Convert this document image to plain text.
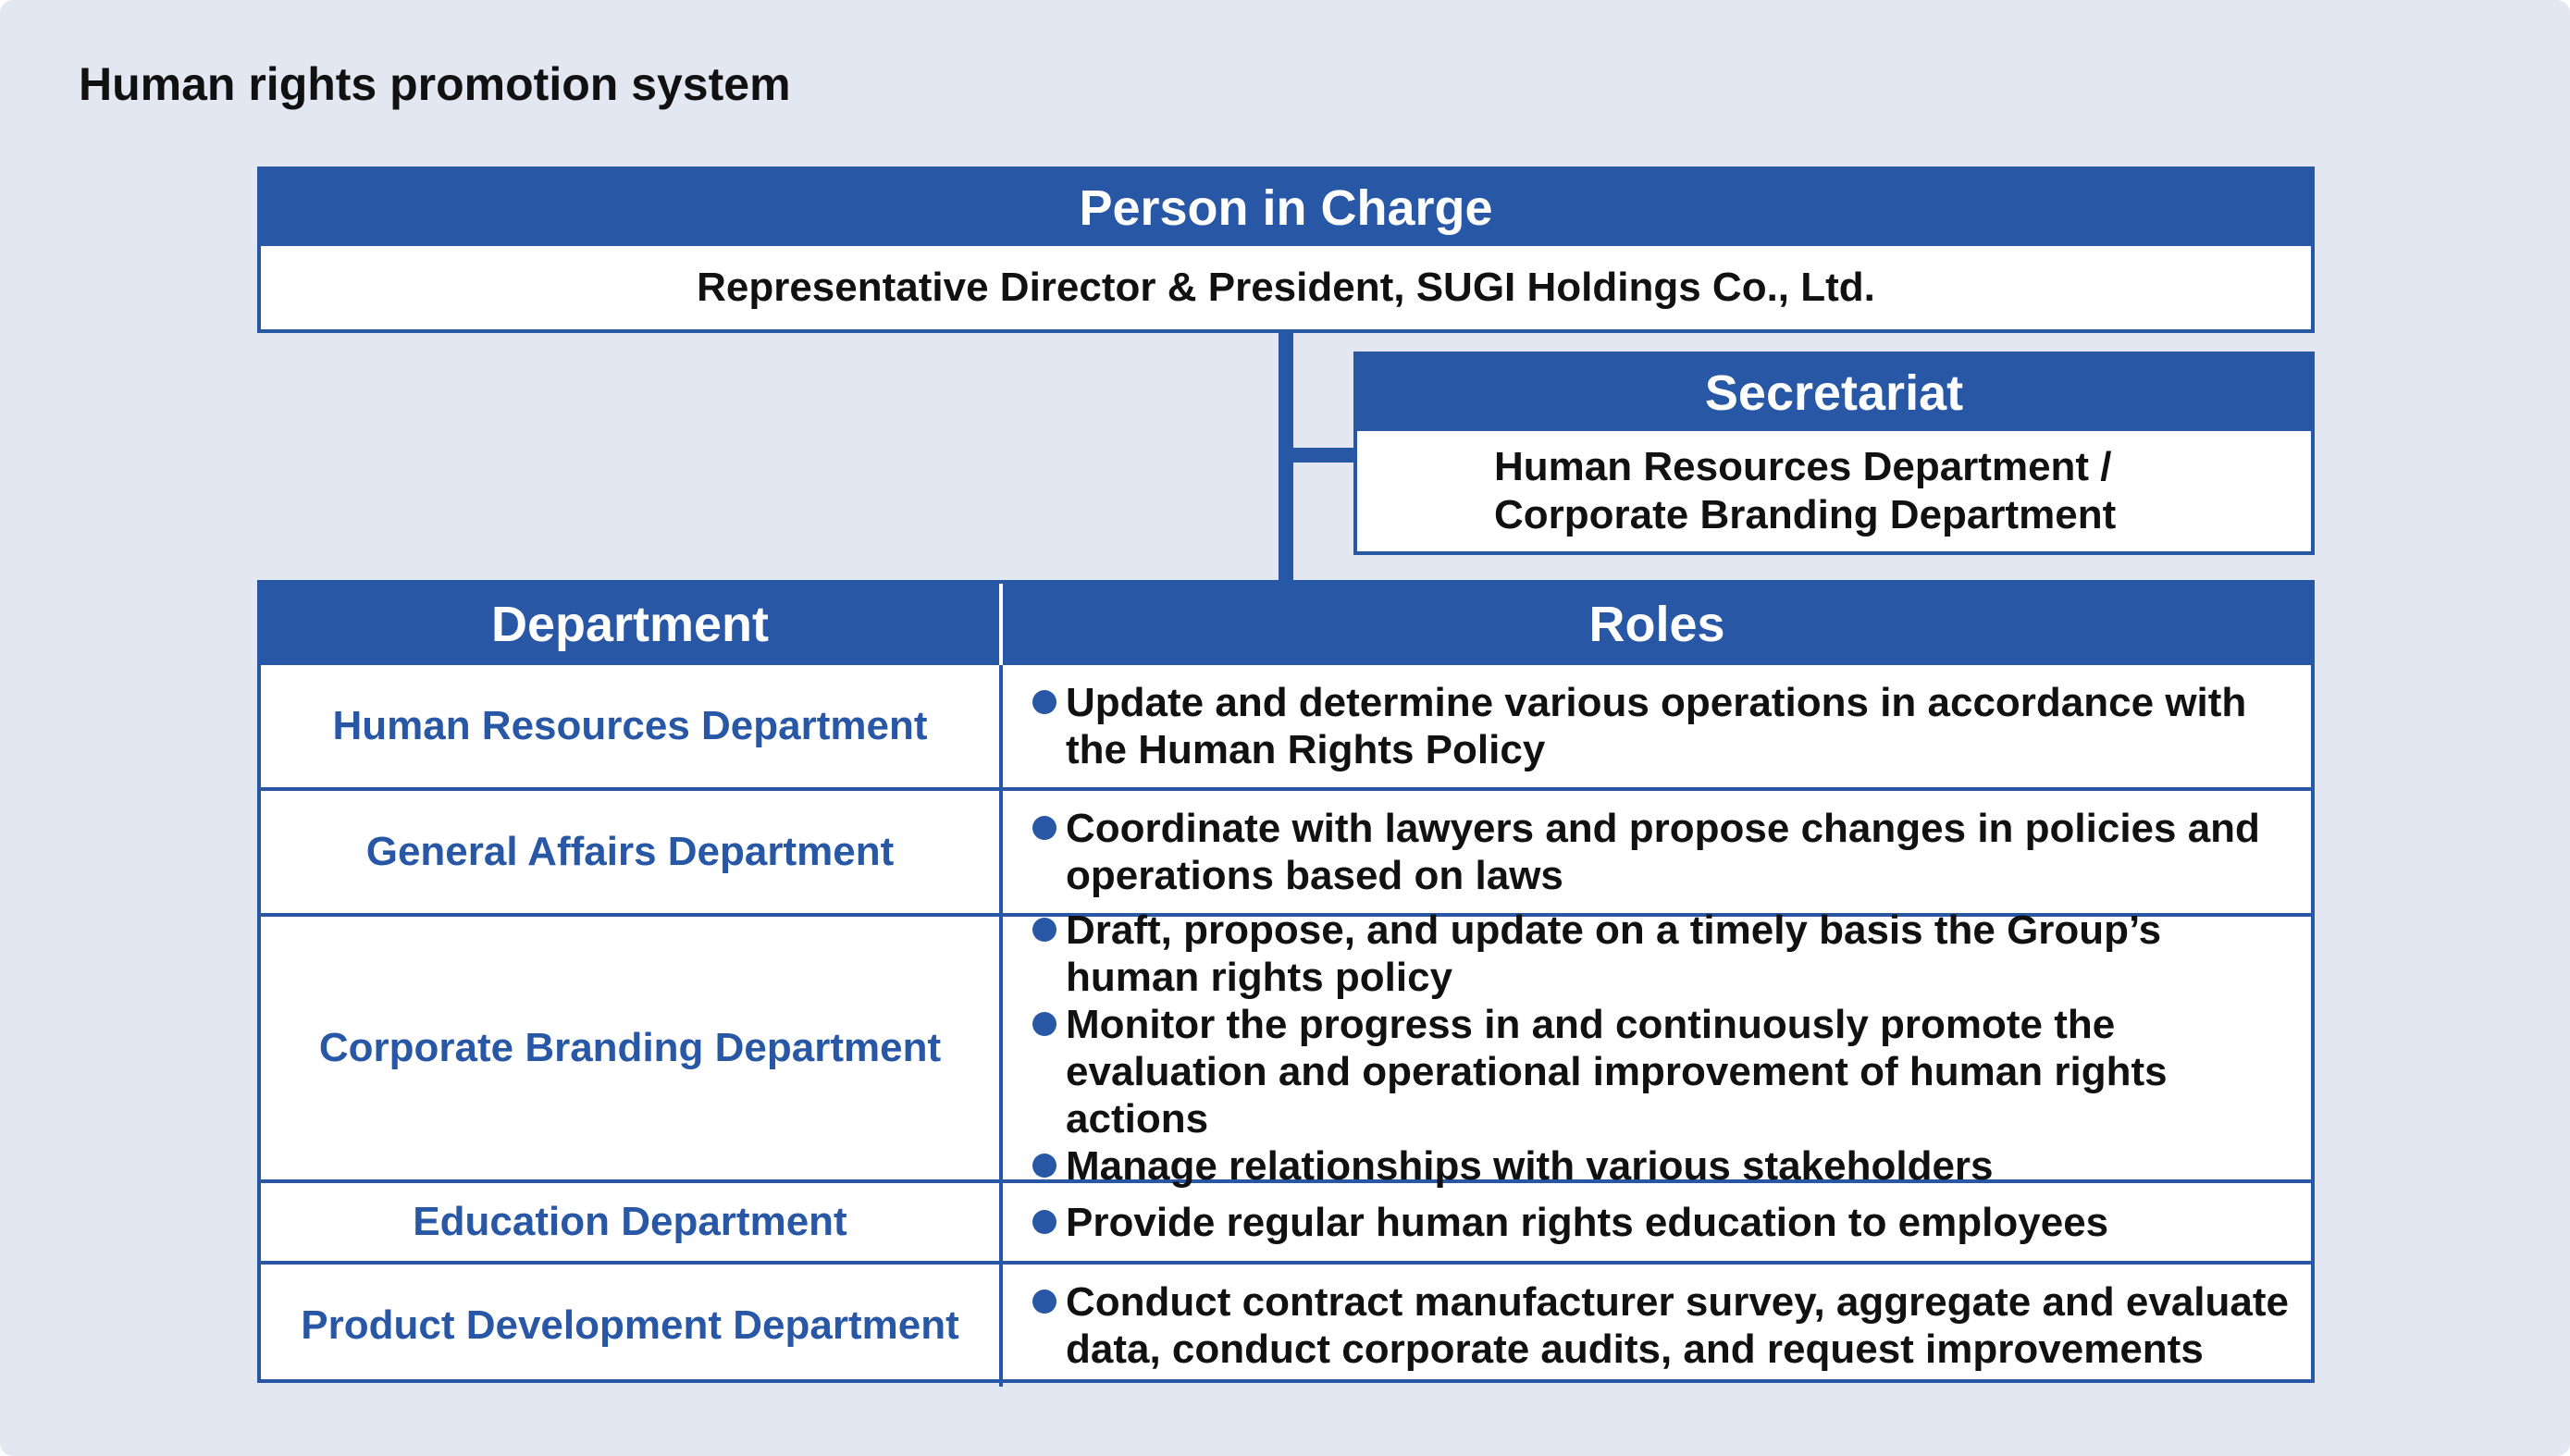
Human rights promotion system
Person in Charge
Representative Director & President, SUGI Holdings Co., Ltd.
Secretariat
Human Resources Department /
Corporate Branding Department
Department	Roles
Human Resources Department
Update and determine various operations in accordance with the Human Rights Policy
General Affairs Department
Coordinate with lawyers and propose changes in policies and operations based on laws
Corporate Branding Department
Draft, propose, and update on a timely basis the Group’s human rights policy
Monitor the progress in and continuously promote the evaluation and operational improvement of human rights actions
Manage relationships with various stakeholders
Education Department	Provide regular human rights education to employees
Product Development Department
Conduct contract manufacturer survey, aggregate and evaluate data, conduct corporate audits, and request improvements
